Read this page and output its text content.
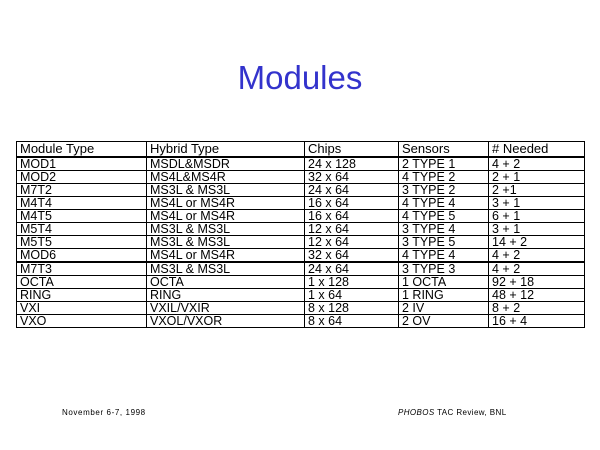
Modules
Module Type	Hybrid Type	Chips	Sensors	# Needed
MOD1	MSDL&MSDR	24 x 128	2 TYPE 1	4 + 2
MOD2	MS4L&MS4R	32 x 64	4 TYPE 2	2 + 1
M7T2	MS3L & MS3L	24 x 64	3 TYPE 2	2 +1
M4T4	MS4L or MS4R	16 x 64	4 TYPE 4	3 + 1
M4T5	MS4L or MS4R	16 x 64	4 TYPE 5	6 + 1
M5T4	MS3L & MS3L	12 x 64	3 TYPE 4	3 + 1
M5T5	MS3L & MS3L	12 x 64	3 TYPE 5	14 + 2
MOD6	MS4L or MS4R	32 x 64	4 TYPE 4	4 + 2
M7T3	MS3L & MS3L	24 x 64	3 TYPE 3	4 + 2
OCTA	OCTA	1 x 128	1 OCTA	92 + 18
RING	RING	1 x 64	1 RING	48 + 12
VXI	VXIL/VXIR	8 x 128	2 IV	8 + 2
VXO	VXOL/VXOR	8 x 64	2 OV	16 + 4
November 6-7, 1998	PHOBOS TAC Review, BNL
